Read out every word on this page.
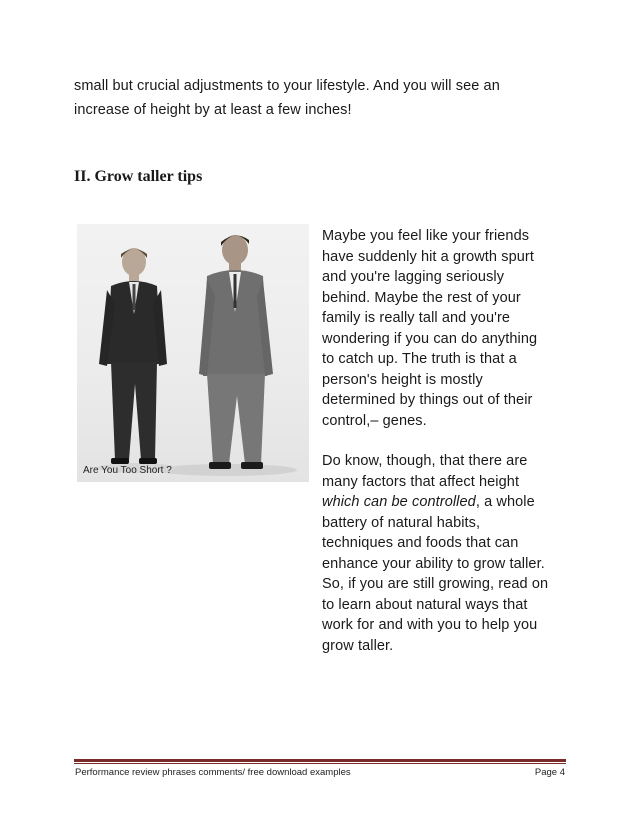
small but crucial adjustments to your lifestyle. And you will see an
increase of height by at least a few inches!

II. Grow taller tips
Are You Too Short ?

Maybe you feel like your friends
have suddenly hit a growth spurt
and you're lagging seriously
behind. Maybe the rest of your
family is really tall and you're
wondering if you can do anything
to catch up. The truth is that a
person's height is mostly
determined by things out of their
control,– genes.

Do know, though, that there are
many factors that affect height
which can be controlled, a whole
battery of natural habits,
techniques and foods that can
enhance your ability to grow taller.
So, if you are still growing, read on
to learn about natural ways that
work for and with you to help you
grow taller.

Performance review phrases comments/ free download examples	Page 4
